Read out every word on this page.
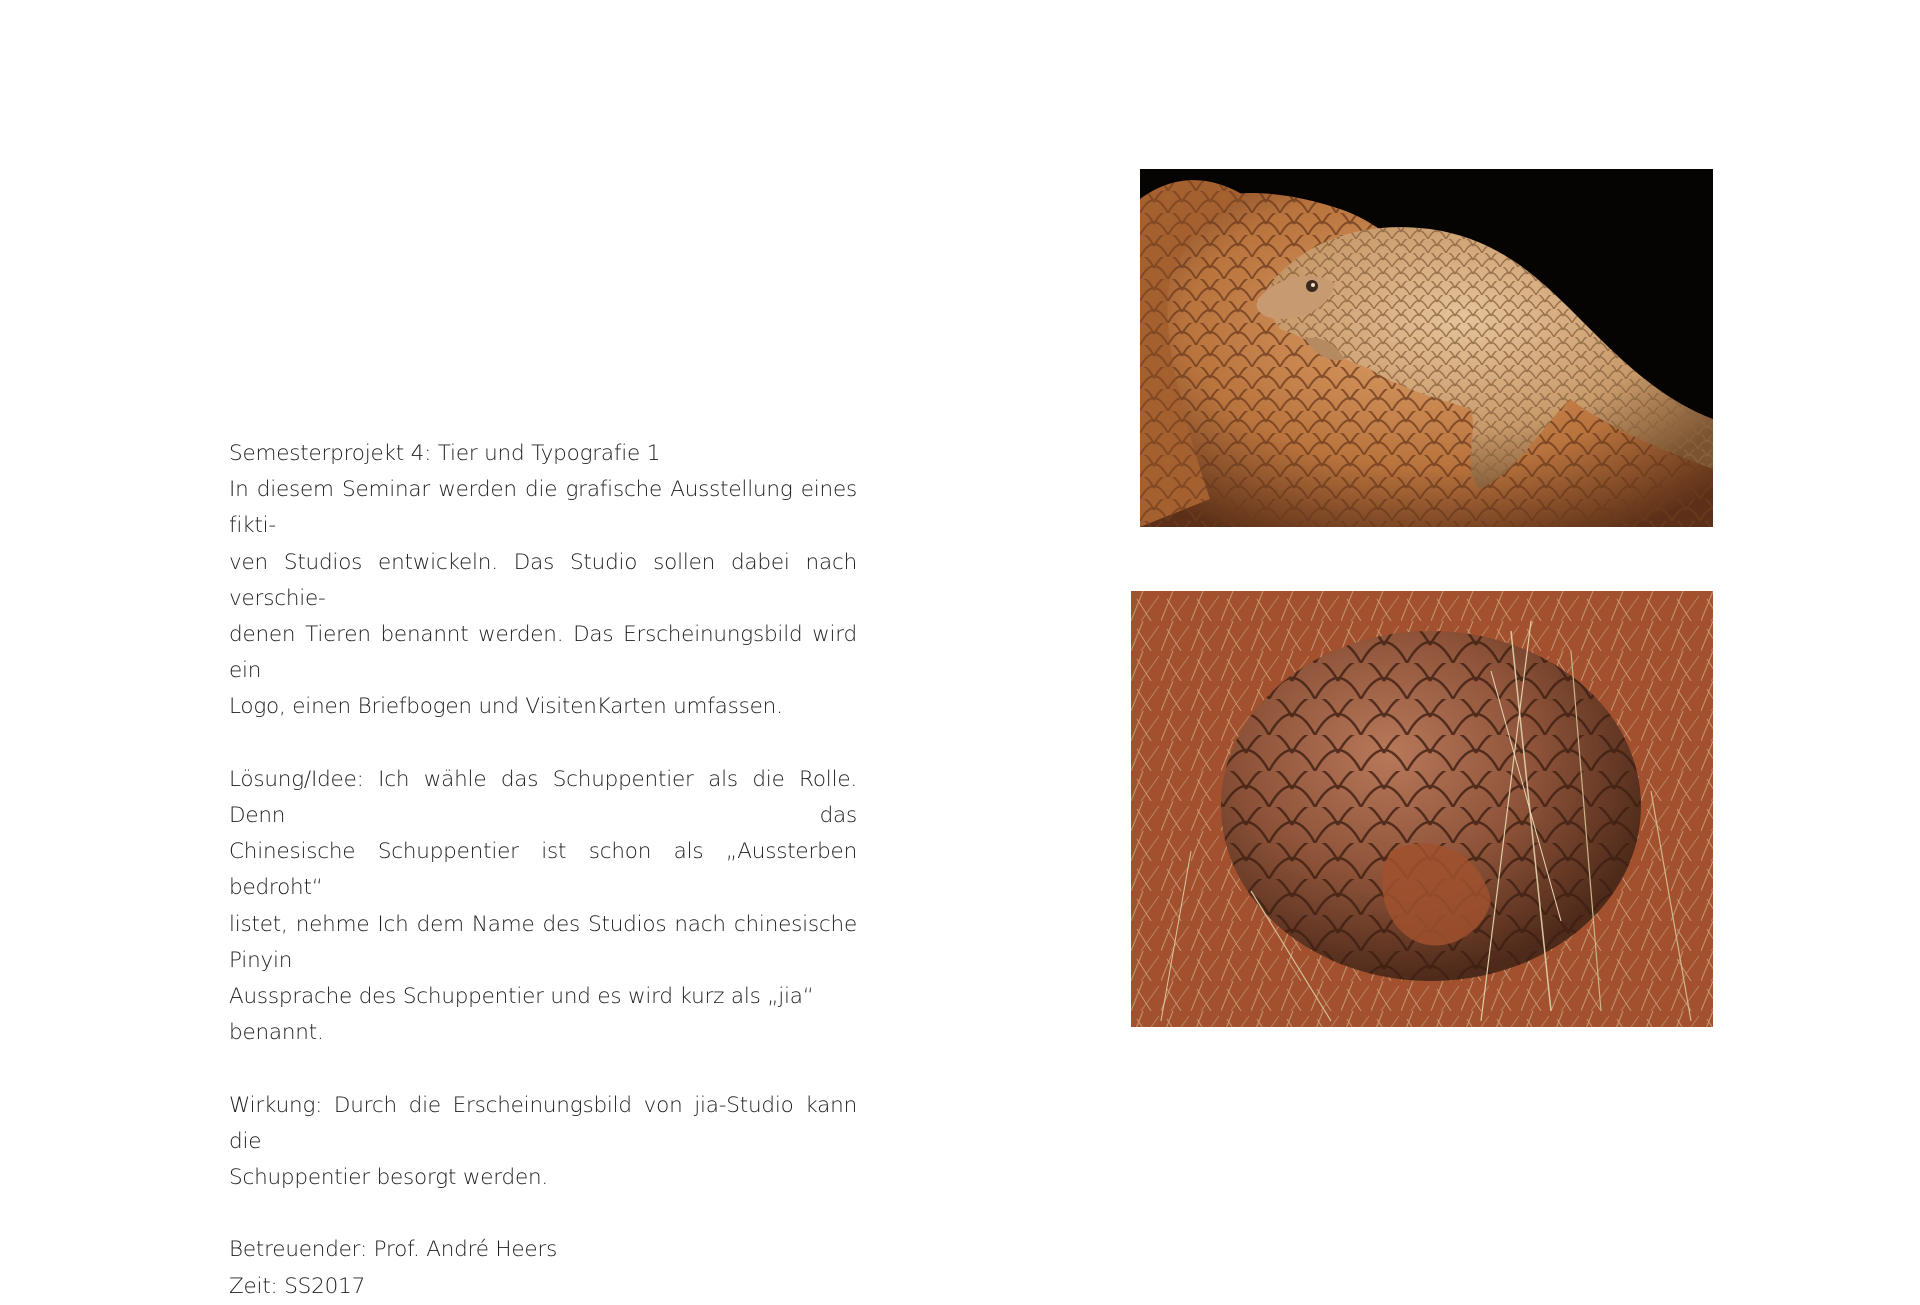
Semesterprojekt 4: Tier und Typografie 1

In diesem Seminar werden die grafische Ausstellung eines fikti-

ven Studios entwickeln. Das Studio sollen dabei nach verschie-

denen Tieren benannt werden. Das Erscheinungsbild wird ein

Logo, einen Briefbogen und VisitenKarten umfassen.

Lösung/Idee: Ich wähle das Schuppentier als die Rolle. Denn das

Chinesische Schuppentier ist schon als „Aussterben bedroht“

listet, nehme Ich dem Name des Studios nach chinesische Pinyin

Aussprache des Schuppentier und es wird kurz als „jia“ benannt.

Wirkung: Durch die Erscheinungsbild von jia-Studio kann die

Schuppentier besorgt werden.

Betreuender: Prof. André Heers

Zeit: SS2017
